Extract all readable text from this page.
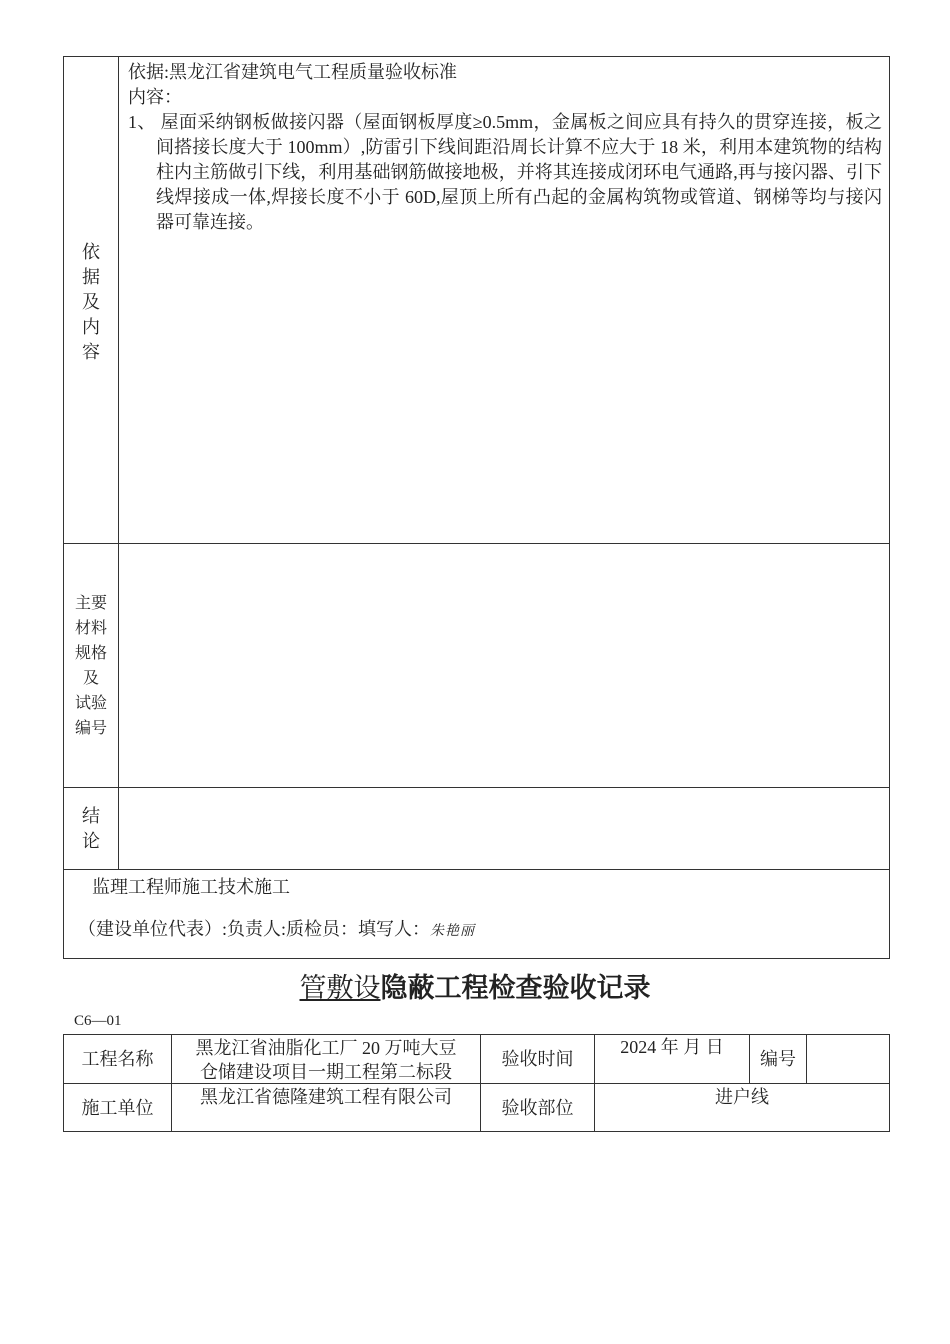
依
据
及
内
容
依据:黑龙江省建筑电气工程质量验收标准
内容：
1、 屋面采纳钢板做接闪器（屋面钢板厚度≥0.5mm，金属板之间应具有持久的贯穿连接，板之间搭接长度大于 100mm）,防雷引下线间距沿周长计算不应大于 18 米，利用本建筑物的结构柱内主筋做引下线，利用基础钢筋做接地极，并将其连接成闭环电气通路,再与接闪器、引下线焊接成一体,焊接长度不小于 60D,屋顶上所有凸起的金属构筑物或管道、钢梯等均与接闪器可靠连接。
主要
材料
规格
及
试验
编号
结
论
监理工程师施工技术施工
（建设单位代表）:负责人:质检员：填写人：朱艳丽
管敷设隐蔽工程检查验收记录
C6—01
工程名称
黑龙江省油脂化工厂 20 万吨大豆
仓储建设项目一期工程第二标段
验收时间
2024 年 月 日
编号
施工单位
黑龙江省德隆建筑工程有限公司
验收部位
进户线
